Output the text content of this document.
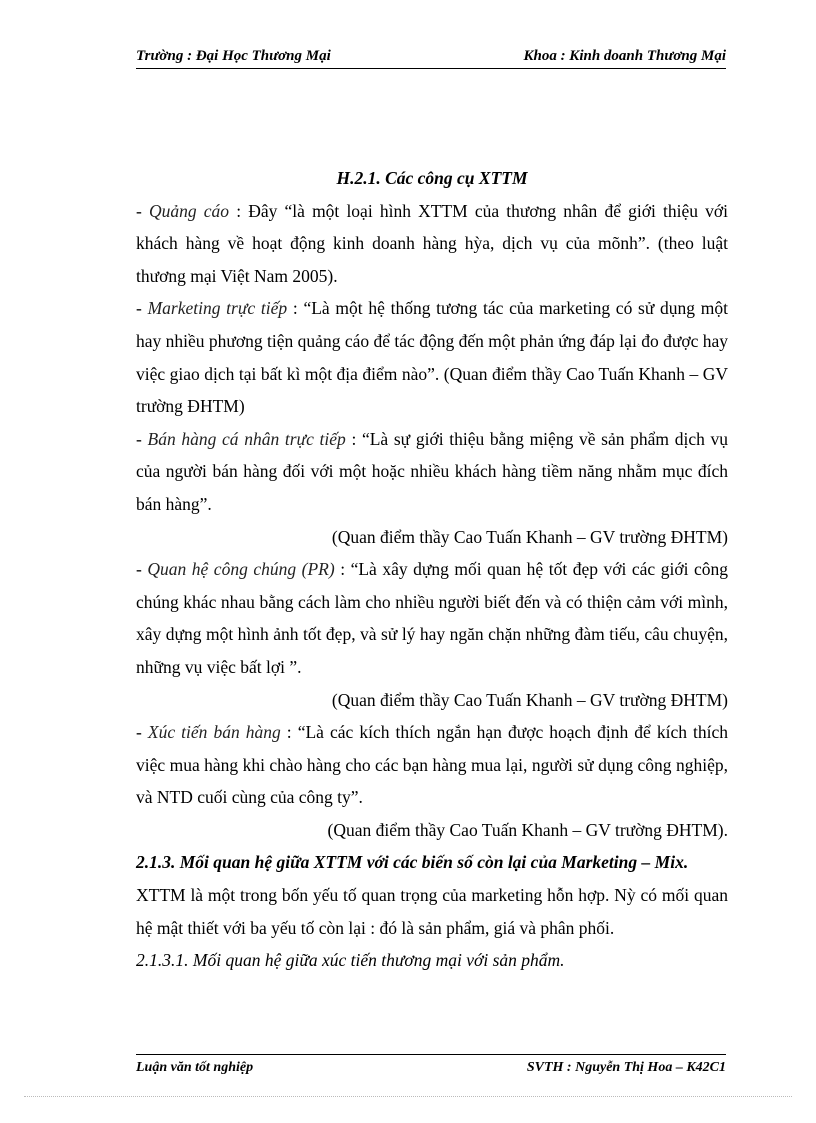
Trường : Đại Học Thương Mại	Khoa : Kinh doanh Thương Mại

H.2.1. Các công cụ XTTM

- Quảng cáo : Đây “là một loại hình XTTM của thương nhân để giới thiệu với khách hàng về hoạt động kinh doanh hàng hỳa, dịch vụ của mõnh”. (theo luật thương mại Việt Nam 2005).

- Marketing trực tiếp : “Là một hệ thống tương tác của marketing có sử dụng một hay nhiều phương tiện quảng cáo để tác động đến một phản ứng đáp lại đo được hay việc giao dịch tại bất kì một địa điểm nào”. (Quan điểm thầy Cao Tuấn Khanh – GV trường ĐHTM)

- Bán hàng cá nhân trực tiếp : “Là sự giới thiệu bằng miệng về sản phẩm dịch vụ của người bán hàng đối với một hoặc nhiều khách hàng tiềm năng nhằm mục đích bán hàng”.

(Quan điểm thầy Cao Tuấn Khanh – GV trường ĐHTM)

- Quan hệ công chúng (PR) : “Là xây dựng mối quan hệ tốt đẹp với các giới công chúng khác nhau bằng cách làm cho nhiều người biết đến và có thiện cảm với mình, xây dựng một hình ảnh tốt đẹp, và sử lý hay ngăn chặn những đàm tiếu, câu chuyện, những vụ việc bất lợi ”.

(Quan điểm thầy Cao Tuấn Khanh – GV trường ĐHTM)

- Xúc tiến bán hàng : “Là các kích thích ngắn hạn được hoạch định để kích thích việc mua hàng khi chào hàng cho các bạn hàng mua lại, người sử dụng công nghiệp, và NTD cuối cùng của công ty”.

(Quan điểm thầy Cao Tuấn Khanh – GV trường ĐHTM).

2.1.3. Mối quan hệ giữa XTTM với các biến số còn lại của Marketing – Mix.

XTTM là một trong bốn yếu tố quan trọng của marketing hỗn hợp. Nỳ có mối quan hệ mật thiết với ba yếu tố còn lại : đó là sản phẩm, giá và phân phối.

2.1.3.1. Mối quan hệ giữa xúc tiến thương mại với sản phẩm.

Luận văn tốt nghiệp	SVTH : Nguyễn Thị Hoa – K42C1
